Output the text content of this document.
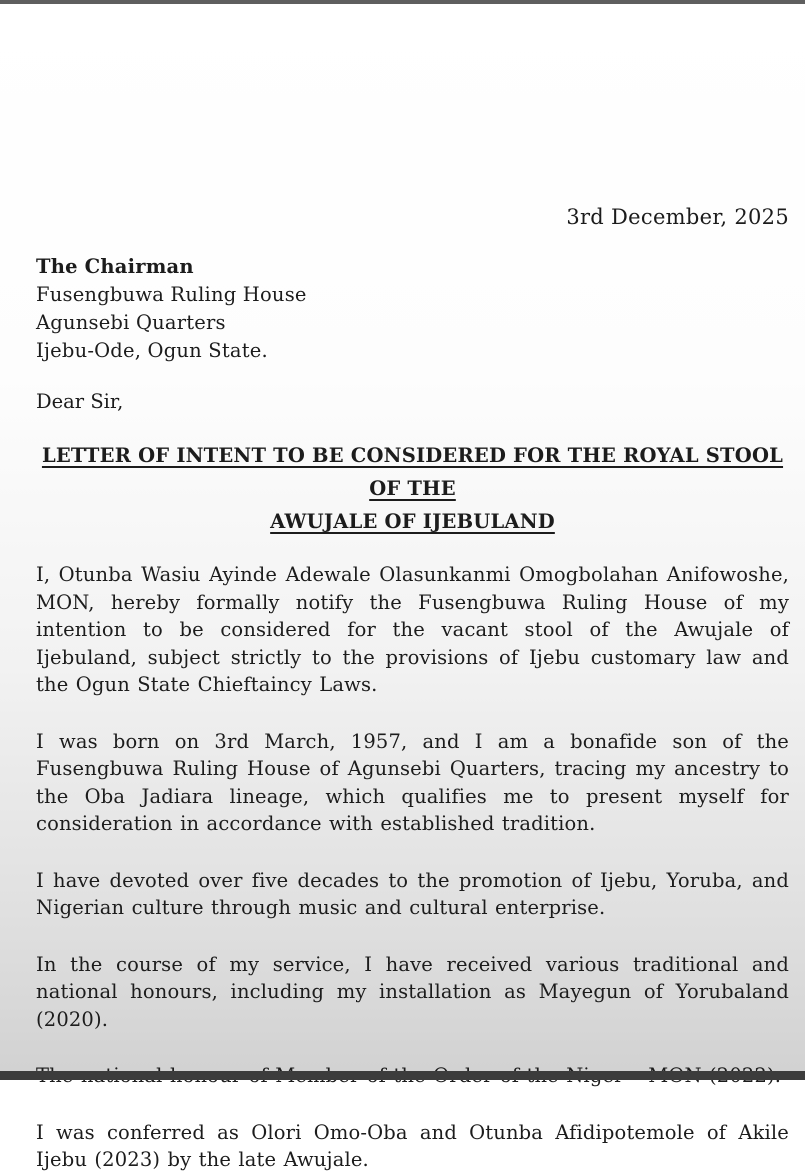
3rd December, 2025
The Chairman
Fusengbuwa Ruling House
Agunsebi Quarters
Ijebu-Ode, Ogun State.
Dear Sir,
LETTER OF INTENT TO BE CONSIDERED FOR THE ROYAL STOOL OF THE
AWUJALE OF IJEBULAND

I, Otunba Wasiu Ayinde Adewale Olasunkanmi Omogbolahan Anifowoshe, MON, hereby formally notify the Fusengbuwa Ruling House of my intention to be considered for the vacant stool of the Awujale of Ijebuland, subject strictly to the provisions of Ijebu customary law and the Ogun State Chieftaincy Laws.

I was born on 3rd March, 1957, and I am a bonafide son of the Fusengbuwa Ruling House of Agunsebi Quarters, tracing my ancestry to the Oba Jadiara lineage, which qualifies me to present myself for consideration in accordance with established tradition.

I have devoted over five decades to the promotion of Ijebu, Yoruba, and Nigerian culture through music and cultural enterprise.

In the course of my service, I have received various traditional and national honours, including my installation as Mayegun of Yorubaland (2020).

I was conferred as Olori Omo-Oba and Otunba Afidipotemole of Akile Ijebu (2023) by the late Awujale.
